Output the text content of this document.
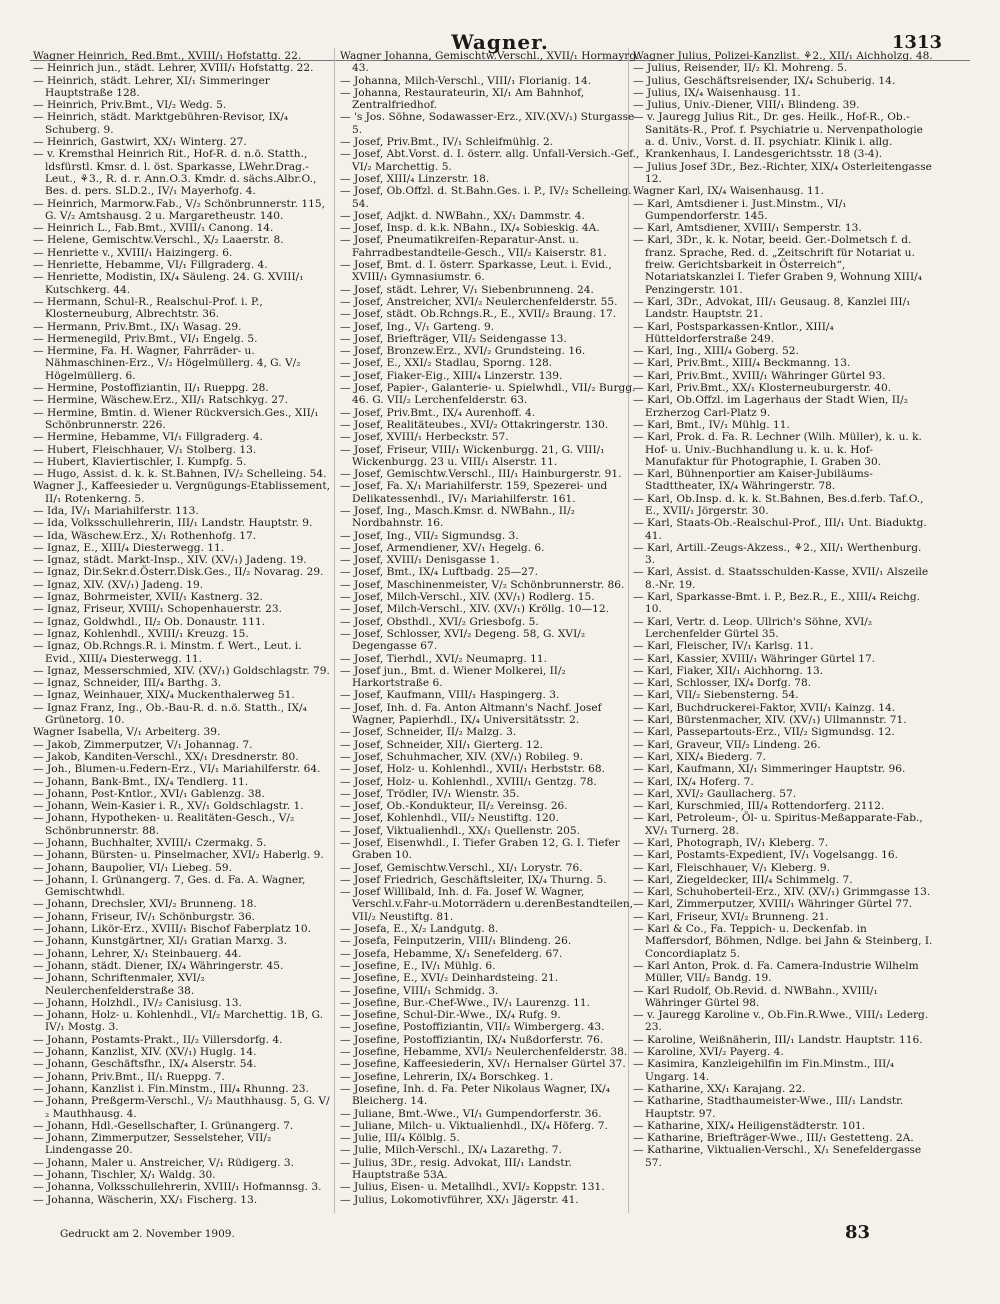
Wagner.	1313
Wagner Heinrich, Red.Bmt., XVIII/₁ Hofstattg. 22.
— Heinrich jun., städt. Lehrer, XVIII/₁ Hofstattg. 22.
— Heinrich, städt. Lehrer, XI/₁ Simmeringer Hauptstraße 128.
— Heinrich, Priv.Bmt., VI/₂ Wedg. 5.
— Heinrich, städt. Marktgebühren-Revisor, IX/₄ Schuberg. 9.
— Heinrich, Gastwirt, XX/₁ Winterg. 27.
— v. Kremsthal Heinrich Rit., Hof-R. d. n.ö. Statth., ldsfürstl. Kmsr. d. l. öst. Sparkasse, LWehr.Drag.-Leut., ⚘3., R. d. r. Ann.O.3. Kmdr. d. sächs.Albr.O., Bes. d. pers. SLD.2., IV/₁ Mayerhofg. 4.
— Heinrich, Marmorw.Fab., V/₂ Schönbrunnerstr. 115, G. V/₂ Amtshausg. 2 u. Margaretheustr. 140.
— Heinrich L., Fab.Bmt., XVIII/₁ Canong. 14.
— Helene, Gemischtw.Verschl., X/₂ Laaerstr. 8.
— Henriette v., XVIII/₁ Haizingerg. 6.
— Henriette, Hebamme, VI/₁ Fillgraderg. 4.
— Henriette, Modistin, IX/₄ Säuleng. 24. G. XVIII/₁ Kutschkerg. 44.
— Hermann, Schul-R., Realschul-Prof. i. P., Klosterneuburg, Albrechtstr. 36.
— Hermann, Priv.Bmt., IX/₁ Wasag. 29.
— Hermenegild, Priv.Bmt., VI/₁ Engelg. 5.
— Hermine, Fa. H. Wagner, Fahrräder- u. Nähmaschinen-Erz., V/₂ Högelmüllerg. 4, G. V/₂ Högelmüllerg. 6.
— Hermine, Postoffiziantin, II/₁ Rueppg. 28.
— Hermine, Wäschew.Erz., XII/₁ Ratschkyg. 27.
— Hermine, Bmtin. d. Wiener Rückversich.Ges., XII/₁ Schönbrunnerstr. 226.
— Hermine, Hebamme, VI/₁ Fillgraderg. 4.
— Hubert, Fleischhauer, V/₁ Stolberg. 13.
— Hubert, Klaviertischler, I. Kumpfg. 5.
— Hugo, Assist. d. k. k. St.Bahnen, IV/₂ Schelleing. 54.
Wagner J., Kaffeesieder u. Vergnügungs-Etablissement, II/₁ Rotenkerng. 5.
— Ida, IV/₁ Mariahilferstr. 113.
— Ida, Volksschullehrerin, III/₁ Landstr. Hauptstr. 9.
— Ida, Wäschew.Erz., X/₁ Rothenhofg. 17.
— Ignaz, E., XIII/₄ Diesterwegg. 11.
— Ignaz, städt. Markt-Insp., XIV. (XV/₁) Jadeng. 19.
— Ignaz, Dir.Sekr.d.Österr.Disk.Ges., II/₂ Novarag. 29.
— Ignaz, XIV. (XV/₁) Jadeng. 19.
— Ignaz, Bohrmeister, XVII/₁ Kastnerg. 32.
— Ignaz, Friseur, XVIII/₁ Schopenhauerstr. 23.
— Ignaz, Goldwhdl., II/₂ Ob. Donaustr. 111.
— Ignaz, Kohlenhdl., XVIII/₁ Kreuzg. 15.
— Ignaz, Ob.Rchngs.R. i. Minstm. f. Wert., Leut. i. Evid., XIII/₄ Diesterwegg. 11.
— Ignaz, Messerschmied, XIV. (XV/₁) Goldschlagstr. 79.
— Ignaz, Schneider, III/₄ Barthg. 3.
— Ignaz, Weinhauer, XIX/₄ Muckenthalerweg 51.
— Ignaz Franz, Ing., Ob.-Bau-R. d. n.ö. Statth., IX/₄ Grünetorg. 10.
Wagner Isabella, V/₁ Arbeiterg. 39.
— Jakob, Zimmerputzer, V/₁ Johannag. 7.
— Jakob, Kanditen-Verschl., XX/₁ Dresdnerstr. 80.
— Joh., Blumen-u.Federn-Erz., VI/₁ Mariahilferstr. 64.
— Johann, Bank-Bmt., IX/₄ Tendlerg. 11.
— Johann, Post-Kntlor., XVI/₁ Gablenzg. 38.
— Johann, Wein-Kasier i. R., XV/₁ Goldschlagstr. 1.
— Johann, Hypotheken- u. Realitäten-Gesch., V/₂ Schönbrunnerstr. 88.
— Johann, Buchhalter, XVIII/₁ Czermakg. 5.
— Johann, Bürsten- u. Pinselmacher, XVI/₂ Haberlg. 9.
— Johann, Baupolier, VI/₁ Liebeg. 59.
— Johann, I. Grünangerg. 7, Ges. d. Fa. A. Wagner, Gemischtwhdl.
— Johann, Drechsler, XVI/₂ Brunneng. 18.
— Johann, Friseur, IV/₁ Schönburgstr. 36.
— Johann, Likör-Erz., XVIII/₁ Bischof Faberplatz 10.
— Johann, Kunstgärtner, XI/₁ Gratian Marxg. 3.
— Johann, Lehrer, X/₁ Steinbauerg. 44.
— Johann, städt. Diener, IX/₄ Währingerstr. 45.
— Johann, Schriftenmaler, XVI/₂ Neulerchenfelderstraße 38.
— Johann, Holzhdl., IV/₂ Canisiusg. 13.
— Johann, Holz- u. Kohlenhdl., VI/₂ Marchettig. 1B, G. IV/₁ Mostg. 3.
— Johann, Postamts-Prakt., II/₂ Villersdorfg. 4.
— Johann, Kanzlist, XIV. (XV/₁) Huglg. 14.
— Johann, Geschäftsfhr., IX/₄ Alserstr. 54.
— Johann, Priv.Bmt., II/₁ Rueppg. 7.
— Johann, Kanzlist i. Fin.Minstm., III/₄ Rhunng. 23.
— Johann, Preßgerm-Verschl., V/₂ Mauthhausg. 5, G. V/₂ Mauthhausg. 4.
— Johann, Hdl.-Gesellschafter, I. Grünangerg. 7.
— Johann, Zimmerputzer, Sesselsteher, VII/₂ Lindengasse 20.
— Johann, Maler u. Anstreicher, V/₁ Rüdigerg. 3.
— Johann, Tischler, X/₁ Waldg. 30.
— Johanna, Volksschullehrerin, XVIII/₁ Hofmannsg. 3.
— Johanna, Wäscherin, XX/₁ Fischerg. 13.
Wagner Johanna, Gemischtw.Verschl., XVII/₁ Hormayrg. 43.
— Johanna, Milch-Verschl., VIII/₁ Florianig. 14.
— Johanna, Restaurateurin, XI/₁ Am Bahnhof, Zentralfriedhof.
— 's Jos. Söhne, Sodawasser-Erz., XIV.(XV/₁) Sturgasse 5.
— Josef, Priv.Bmt., IV/₁ Schleifmühlg. 2.
— Josef, Abt.Vorst. d. I. österr. allg. Unfall-Versich.-Gef., VI/₂ Marchettig. 5.
— Josef, XIII/₄ Linzerstr. 18.
— Josef, Ob.Offzl. d. St.Bahn.Ges. i. P., IV/₂ Schelleing. 54.
— Josef, Adjkt. d. NWBahn., XX/₁ Dammstr. 4.
— Josef, Insp. d. k.k. NBahn., IX/₄ Sobieskig. 4A.
— Josef, Pneumatikreifen-Reparatur-Anst. u. Fahrradbestandteile-Gesch., VII/₂ Kaiserstr. 81.
— Josef, Bmt. d. I. österr. Sparkasse, Leut. i. Evid., XVIII/₁ Gymnasiumstr. 6.
— Josef, städt. Lehrer, V/₁ Siebenbrunneng. 24.
— Josef, Anstreicher, XVI/₂ Neulerchenfelderstr. 55.
— Josef, städt. Ob.Rchngs.R., E., XVII/₂ Braung. 17.
— Josef, Ing., V/₁ Garteng. 9.
— Josef, Briefträger, VII/₂ Seidengasse 13.
— Josef, Bronzew.Erz., XVI/₂ Grundsteing. 16.
— Josef, E., XXI/₂ Stadlau, Sporng. 128.
— Josef, Fiaker-Eig., XIII/₄ Linzerstr. 139.
— Josef, Papier-, Galanterie- u. Spielwhdl., VII/₂ Burgg. 46. G. VII/₂ Lerchenfelderstr. 63.
— Josef, Priv.Bmt., IX/₄ Aurenhoff. 4.
— Josef, Realitäteubes., XVI/₂ Ottakringerstr. 130.
— Josef, XVIII/₁ Herbeckstr. 57.
— Josef, Friseur, VIII/₁ Wickenburgg. 21, G. VIII/₁ Wickenburgg. 23 u. VIII/₁ Alserstr. 11.
— Josef, Gemischtw.Verschl., III/₁ Hainburgerstr. 91.
— Josef, Fa. X/₁ Mariahilferstr. 159, Spezerei- und Delikatessenhdl., IV/₁ Mariahilferstr. 161.
— Josef, Ing., Masch.Kmsr. d. NWBahn., II/₂ Nordbahnstr. 16.
— Josef, Ing., VII/₂ Sigmundsg. 3.
— Josef, Armendiener, XV/₁ Hegelg. 6.
— Josef, XVIII/₁ Denisgasse 1.
— Josef, Bmt., IX/₄ Luftbadg. 25—27.
— Josef, Maschinenmeister, V/₂ Schönbrunnerstr. 86.
— Josef, Milch-Verschl., XIV. (XV/₁) Rodlerg. 15.
— Josef, Milch-Verschl., XIV. (XV/₁) Kröllg. 10—12.
— Josef, Obsthdl., XVI/₂ Griesbofg. 5.
— Josef, Schlosser, XVI/₂ Degeng. 58, G. XVI/₂ Degengasse 67.
— Josef, Tierhdl., XVI/₂ Neumaprg. 11.
— Josef jun., Bmt. d. Wiener Molkerei, II/₂ Harkortstraße 6.
— Josef, Kaufmann, VIII/₁ Haspingerg. 3.
— Josef, Inh. d. Fa. Anton Altmann's Nachf. Josef Wagner, Papierhdl., IX/₄ Universitätsstr. 2.
— Josef, Schneider, II/₂ Malzg. 3.
— Josef, Schneider, XII/₁ Gierterg. 12.
— Josef, Schuhmacher, XIV. (XV/₁) Robileg. 9.
— Josef, Holz- u. Kohlenhdl., XVII/₁ Herbststr. 68.
— Josef, Holz- u. Kohlenhdl., XVIII/₁ Gentzg. 78.
— Josef, Trödler, IV/₁ Wienstr. 35.
— Josef, Ob.-Kondukteur, II/₂ Vereinsg. 26.
— Josef, Kohlenhdl., VII/₂ Neustiftg. 120.
— Josef, Viktualienhdl., XX/₁ Quellenstr. 205.
— Josef, Eisenwhdl., I. Tiefer Graben 12, G. I. Tiefer Graben 10.
— Josef, Gemischtw.Verschl., XI/₁ Lorystr. 76.
— Josef Friedrich, Geschäftsleiter, IX/₄ Thurng. 5.
— Josef Willibald, Inh. d. Fa. Josef W. Wagner, Verschl.v.Fahr-u.Motorrädern u.derenBestandteilen, VII/₂ Neustiftg. 81.
— Josefa, E., X/₂ Landgutg. 8.
— Josefa, Feinputzerin, VIII/₁ Blindeng. 26.
— Josefa, Hebamme, X/₁ Senefelderg. 67.
— Josefine, E., IV/₁ Mühlg. 6.
— Josefine, E., XVI/₂ Deinhardsteing. 21.
— Josefine, VIII/₁ Schmidg. 3.
— Josefine, Bur.-Chef-Wwe., IV/₁ Laurenzg. 11.
— Josefine, Schul-Dir.-Wwe., IX/₄ Rufg. 9.
— Josefine, Postoffiziantin, VII/₂ Wimbergerg. 43.
— Josefine, Postoffiziantin, IX/₄ Nußdorferstr. 76.
— Josefine, Hebamme, XVI/₂ Neulerchenfelderstr. 38.
— Josefine, Kaffeesiederin, XV/₁ Hernalser Gürtel 37.
— Josefine, Lehrerin, IX/₄ Borschkeg. 1.
— Josefine, Inh. d. Fa. Peter Nikolaus Wagner, IX/₄ Bleicherg. 14.
— Juliane, Bmt.-Wwe., VI/₁ Gumpendorferstr. 36.
— Juliane, Milch- u. Viktualienhdl., IX/₄ Höferg. 7.
— Julie, III/₄ Kölblg. 5.
— Julie, Milch-Verschl., IX/₄ Lazarethg. 7.
— Julius, 3Dr., resig. Advokat, III/₁ Landstr. Hauptstraße 53A.
— Julius, Eisen- u. Metallhdl., XVI/₂ Koppstr. 131.
— Julius, Lokomotivführer, XX/₁ Jägerstr. 41.
Wagner Julius, Polizei-Kanzlist. ⚘2., XII/₁ Aichholzg. 48.
— Julius, Reisender, II/₂ Kl. Mohreng. 5.
— Julius, Geschäftsreisender, IX/₄ Schuberig. 14.
— Julius, IX/₄ Waisenhausg. 11.
— Julius, Univ.-Diener, VIII/₁ Blindeng. 39.
— v. Jauregg Julius Rit., Dr. ges. Heilk., Hof-R., Ob.-Sanitäts-R., Prof. f. Psychiatrie u. Nervenpathologie a. d. Univ., Vorst. d. II. psychiatr. Klinik i. allg. Krankenhaus, I. Landesgerichtsstr. 18 (3-4).
— Julius Josef 3Dr., Bez.-Richter, XIX/₄ Osterleitengasse 12.
Wagner Karl, IX/₄ Waisenhausg. 11.
— Karl, Amtsdiener i. Just.Minstm., VI/₁ Gumpendorferstr. 145.
— Karl, Amtsdiener, XVIII/₁ Semperstr. 13.
— Karl, 3Dr., k. k. Notar, beeid. Ger.-Dolmetsch f. d. franz. Sprache, Red. d. „Zeitschrift für Notariat u. freiw. Gerichtsbarkeit in Österreich“, Notariatskanzlei I. Tiefer Graben 9, Wohnung XIII/₄ Penzingerstr. 101.
— Karl, 3Dr., Advokat, III/₁ Geusaug. 8, Kanzlei III/₁ Landstr. Hauptstr. 21.
— Karl, Postsparkassen-Kntlor., XIII/₄ Hütteldorferstraße 249.
— Karl, Ing., XIII/₄ Goberg. 52.
— Karl, Priv.Bmt., XIII/₄ Beckmanng. 13.
— Karl, Priv.Bmt., XVIII/₁ Währinger Gürtel 93.
— Karl, Priv.Bmt., XX/₁ Klosterneuburgerstr. 40.
— Karl, Ob.Offzl. im Lagerhaus der Stadt Wien, II/₂ Erzherzog Carl-Platz 9.
— Karl, Bmt., IV/₁ Mühlg. 11.
— Karl, Prok. d. Fa. R. Lechner (Wilh. Müller), k. u. k. Hof- u. Univ.-Buchhandlung u. k. u. k. Hof-Manufaktur für Photographie, I. Graben 30.
— Karl, Bühnenportier am Kaiser-Jubiläums-Stadttheater, IX/₄ Währingerstr. 78.
— Karl, Ob.Insp. d. k. k. St.Bahnen, Bes.d.ferb. Taf.O., E., XVII/₁ Jörgerstr. 30.
— Karl, Staats-Ob.-Realschul-Prof., III/₁ Unt. Biaduktg. 41.
— Karl, Artill.-Zeugs-Akzess., ⚘2., XII/₁ Werthenburg. 3.
— Karl, Assist. d. Staatsschulden-Kasse, XVII/₁ Alszeile 8.-Nr. 19.
— Karl, Sparkasse-Bmt. i. P., Bez.R., E., XIII/₄ Reichg. 10.
— Karl, Vertr. d. Leop. Ullrich's Söhne, XVI/₂ Lerchenfelder Gürtel 35.
— Karl, Fleischer, IV/₁ Karlsg. 11.
— Karl, Kassier, XVIII/₁ Währinger Gürtel 17.
— Karl, Fiaker, XII/₁ Aichhorng. 13.
— Karl, Schlosser, IX/₄ Dorfg. 78.
— Karl, VII/₂ Siebensterng. 54.
— Karl, Buchdruckerei-Faktor, XVII/₁ Kainzg. 14.
— Karl, Bürstenmacher, XIV. (XV/₁) Ullmannstr. 71.
— Karl, Passepartouts-Erz., VII/₂ Sigmundsg. 12.
— Karl, Graveur, VII/₂ Lindeng. 26.
— Karl, XIX/₄ Biederg. 7.
— Karl, Kaufmann, XI/₁ Simmeringer Hauptstr. 96.
— Karl, IX/₄ Hoferg. 7.
— Karl, XVI/₂ Gaullacherg. 57.
— Karl, Kurschmied, III/₄ Rottendorferg. 2112.
— Karl, Petroleum-, Öl- u. Spiritus-Meßapparate-Fab., XV/₁ Turnerg. 28.
— Karl, Photograph, IV/₁ Kleberg. 7.
— Karl, Postamts-Expedient, IV/₁ Vogelsangg. 16.
— Karl, Fleischhauer, V/₁ Kleberg. 9.
— Karl, Ziegeldecker, III/₄ Schimmelg. 7.
— Karl, Schuhoberteil-Erz., XIV. (XV/₁) Grimmgasse 13.
— Karl, Zimmerputzer, XVIII/₁ Währinger Gürtel 77.
— Karl, Friseur, XVI/₂ Brunneng. 21.
— Karl & Co., Fa. Teppich- u. Deckenfab. in Maffersdorf, Böhmen, Ndlge. bei Jahn & Steinberg, I. Concordiaplatz 5.
— Karl Anton, Prok. d. Fa. Camera-Industrie Wilhelm Müller, VII/₂ Bandg. 19.
— Karl Rudolf, Ob.Revid. d. NWBahn., XVIII/₁ Währinger Gürtel 98.
— v. Jauregg Karoline v., Ob.Fin.R.Wwe., VIII/₁ Lederg. 23.
— Karoline, Weißnäherin, III/₁ Landstr. Hauptstr. 116.
— Karoline, XVI/₂ Payerg. 4.
— Kasimira, Kanzleigehilfin im Fin.Minstm., III/₄ Ungarg. 14.
— Katharine, XX/₁ Karajang. 22.
— Katharine, Stadthaumeister-Wwe., III/₁ Landstr. Hauptstr. 97.
— Katharine, XIX/₄ Heiligenstädterstr. 101.
— Katharine, Briefträger-Wwe., III/₁ Gestetteng. 2A.
— Katharine, Viktualien-Verschl., X/₁ Senefeldergasse 57.
Gedruckt am 2. November 1909.	83
